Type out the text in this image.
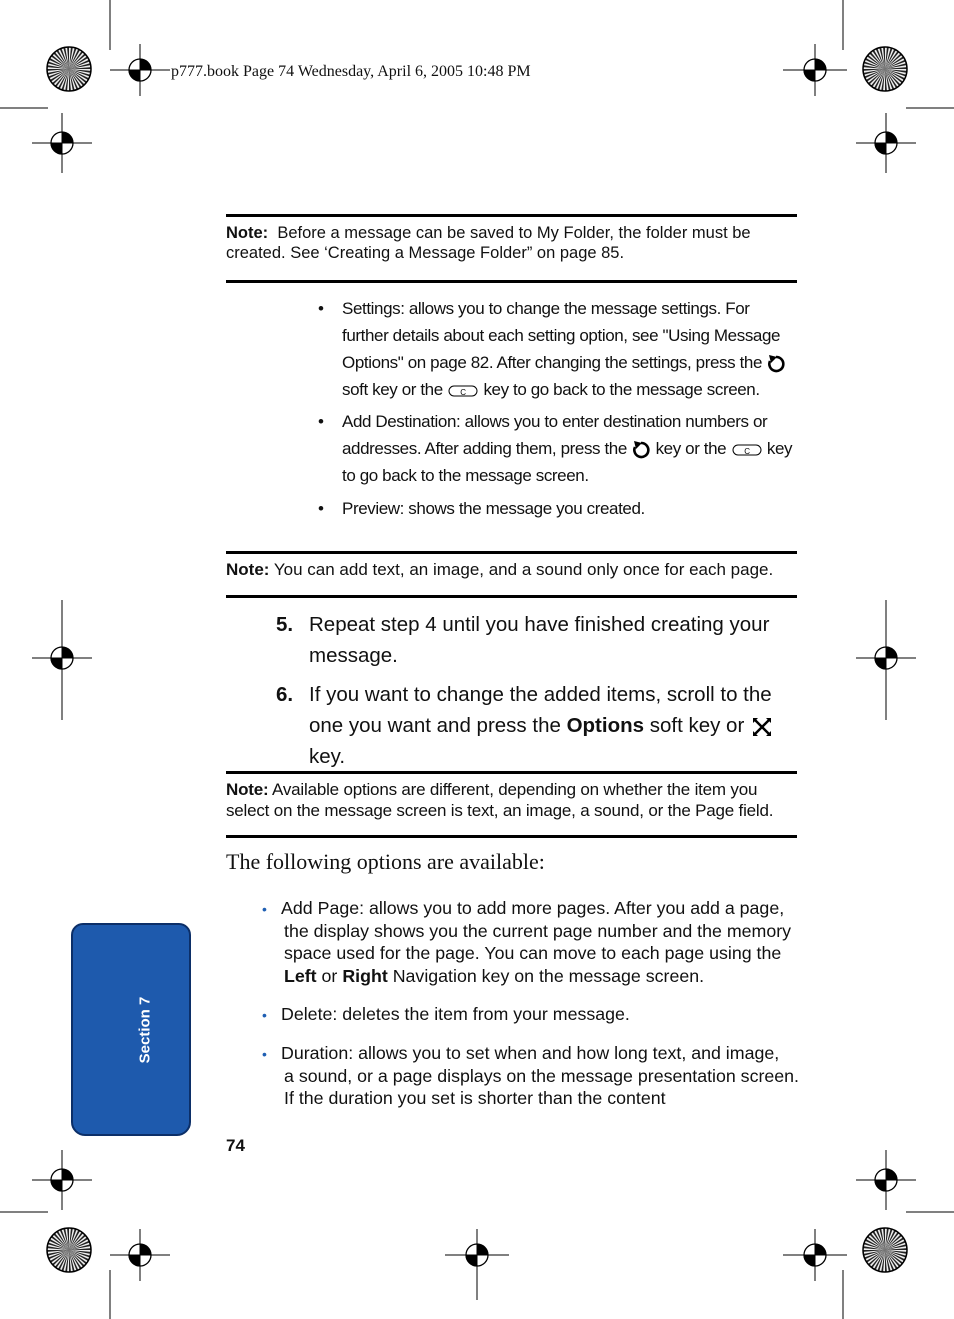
p777.book Page 74 Wednesday, April 6, 2005 10:48 PM
Note: Before a message can be saved to My Folder, the folder must be created. See ‘Creating a Message Folder” on page 85.
• Settings: allows you to change the message settings. For further details about each setting option, see "Using Message Options" on page 82. After changing the settings, press the  soft key or the C key to go back to the message screen.
• Add Destination: allows you to enter destination numbers or addresses. After adding them, press the key or the C key to go back to the message screen.
• Preview: shows the message you created.
Note: You can add text, an image, and a sound only once for each page.
5. Repeat step 4 until you have finished creating your message.
6. If you want to change the added items, scroll to the one you want and press the Options soft key or  key.
Note: Available options are different, depending on whether the item you select on the message screen is text, an image, a sound, or the Page field.
The following options are available:
• Add Page: allows you to add more pages. After you add a page,
the display shows you the current page number and the memory space used for the page. You can move to each page using the Left or Right Navigation key on the message screen.
• Delete: deletes the item from your message.
• Duration: allows you to set when and how long text, and image,
a sound, or a page displays on the message presentation screen. If the duration you set is shorter than the content
Section 7
74
